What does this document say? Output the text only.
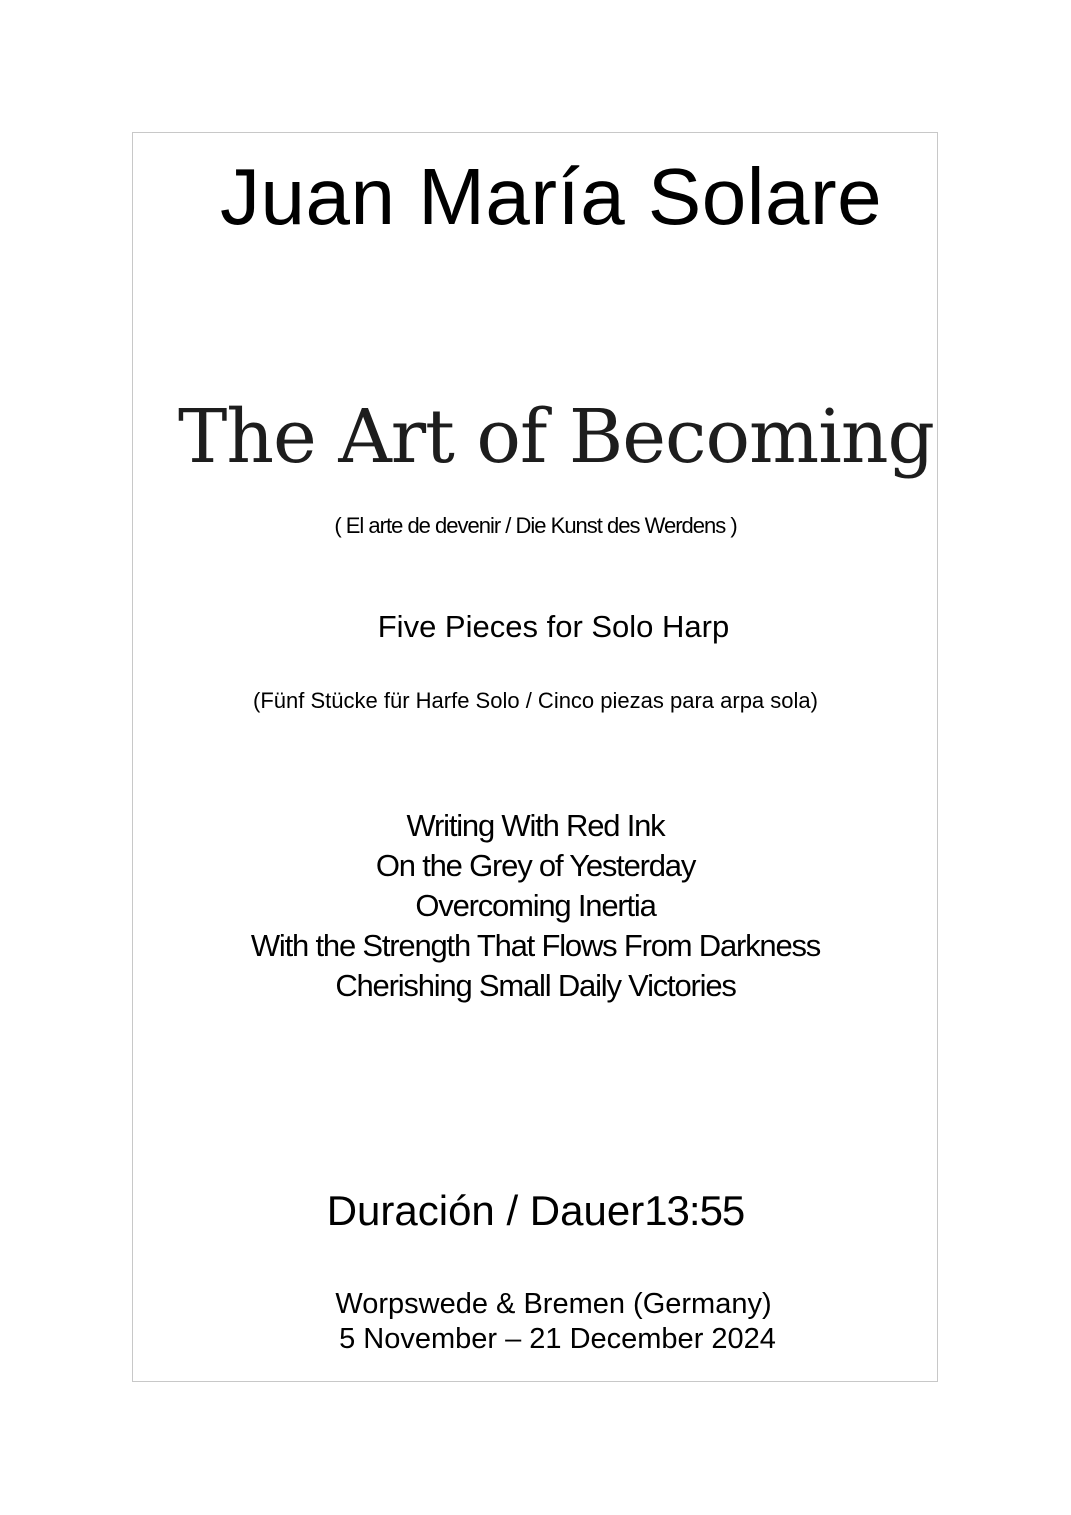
Juan María Solare
The Art of Becoming
( El arte de devenir / Die Kunst des Werdens )
Five Pieces for Solo Harp
(Fünf Stücke für Harfe Solo / Cinco piezas para arpa sola)
Writing With Red Ink
On the Grey of Yesterday
Overcoming Inertia
With the Strength That Flows From Darkness
Cherishing Small Daily Victories
Duración / Dauer13:55
Worpswede & Bremen (Germany)
5 November – 21 December 2024
